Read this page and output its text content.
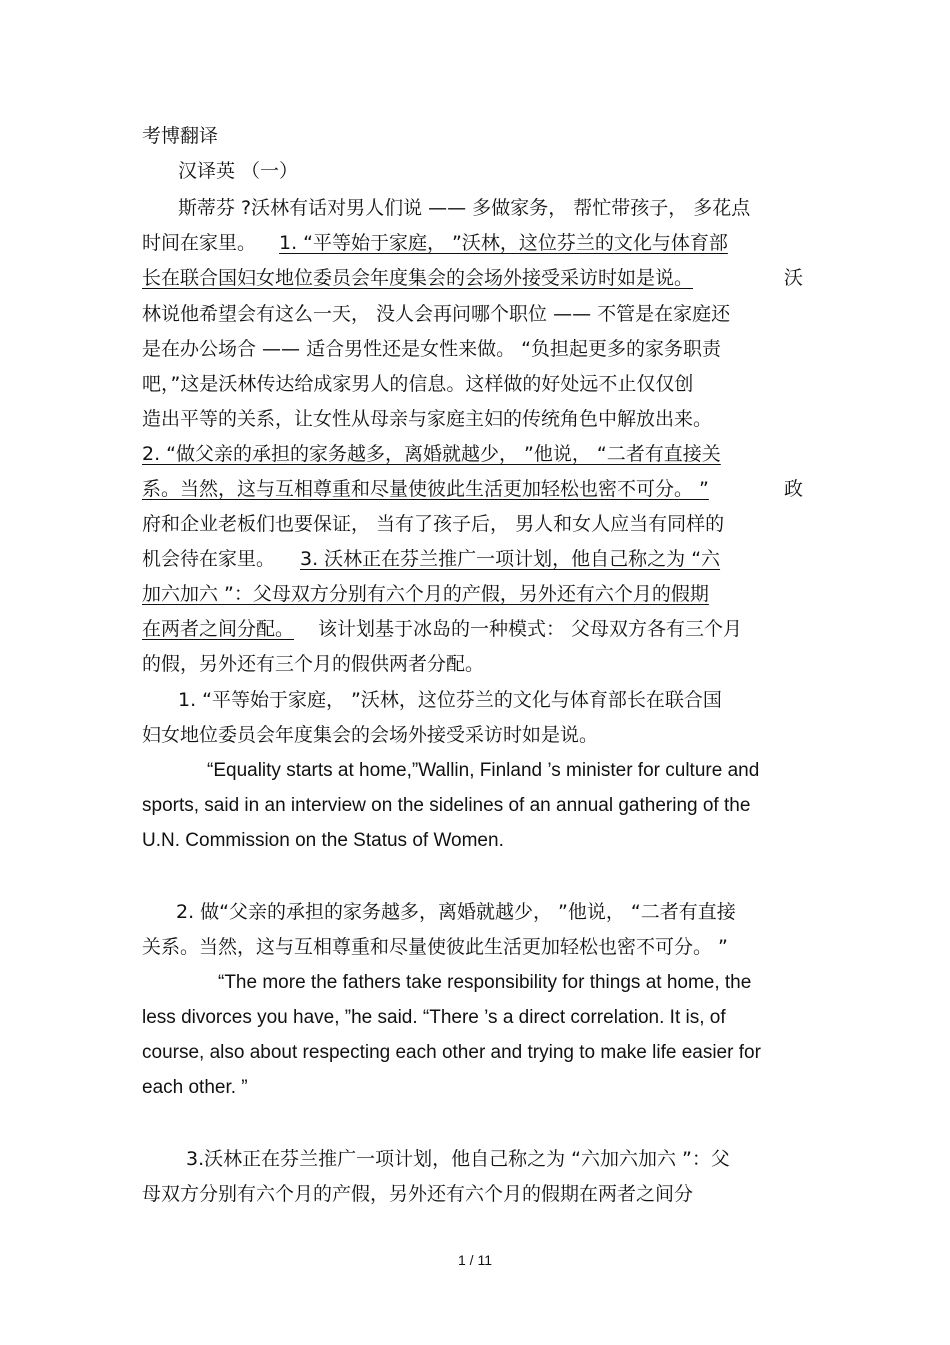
考博翻译
汉译英 （一）
斯蒂芬 ?沃林有话对男人们说 —— 多做家务， 帮忙带孩子， 多花点
时间在家里。 1. “平等始于家庭， ”沃林，这位芬兰的文化与体育部
长在联合国妇女地位委员会年度集会的会场外接受采访时如是说。	沃
林说他希望会有这么一天， 没人会再问哪个职位 —— 不管是在家庭还
是在办公场合 —— 适合男性还是女性来做。 “负担起更多的家务职责
吧，”这是沃林传达给成家男人的信息。这样做的好处远不止仅仅创
造出平等的关系，让女性从母亲与家庭主妇的传统角色中解放出来。
2. “做父亲的承担的家务越多，离婚就越少， ”他说， “二者有直接关
系。当然，这与互相尊重和尽量使彼此生活更加轻松也密不可分。 ”	政
府和企业老板们也要保证， 当有了孩子后， 男人和女人应当有同样的
机会待在家里。 3. 沃林正在芬兰推广一项计划，他自己称之为 “六
加六加六 ”：父母双方分别有六个月的产假，另外还有六个月的假期
在两者之间分配。 该计划基于冰岛的一种模式： 父母双方各有三个月
的假，另外还有三个月的假供两者分配。
1. “平等始于家庭， ”沃林，这位芬兰的文化与体育部长在联合国
妇女地位委员会年度集会的会场外接受采访时如是说。
“Equality starts at home,”Wallin, Finland ’s minister for culture and
sports, said in an interview on the sidelines of an annual gathering of the
U.N. Commission on the Status of Women.
2. 做“父亲的承担的家务越多，离婚就越少， ”他说， “二者有直接
关系。当然，这与互相尊重和尽量使彼此生活更加轻松也密不可分。 ”
“The more the fathers take responsibility for things at home, the
less divorces you have, ”he said. “There ’s a direct correlation. It is, of
course, also about respecting each other and trying to make life easier for
each other. ”
3.沃林正在芬兰推广一项计划，他自己称之为 “六加六加六 ”：父
母双方分别有六个月的产假，另外还有六个月的假期在两者之间分
1 / 11
